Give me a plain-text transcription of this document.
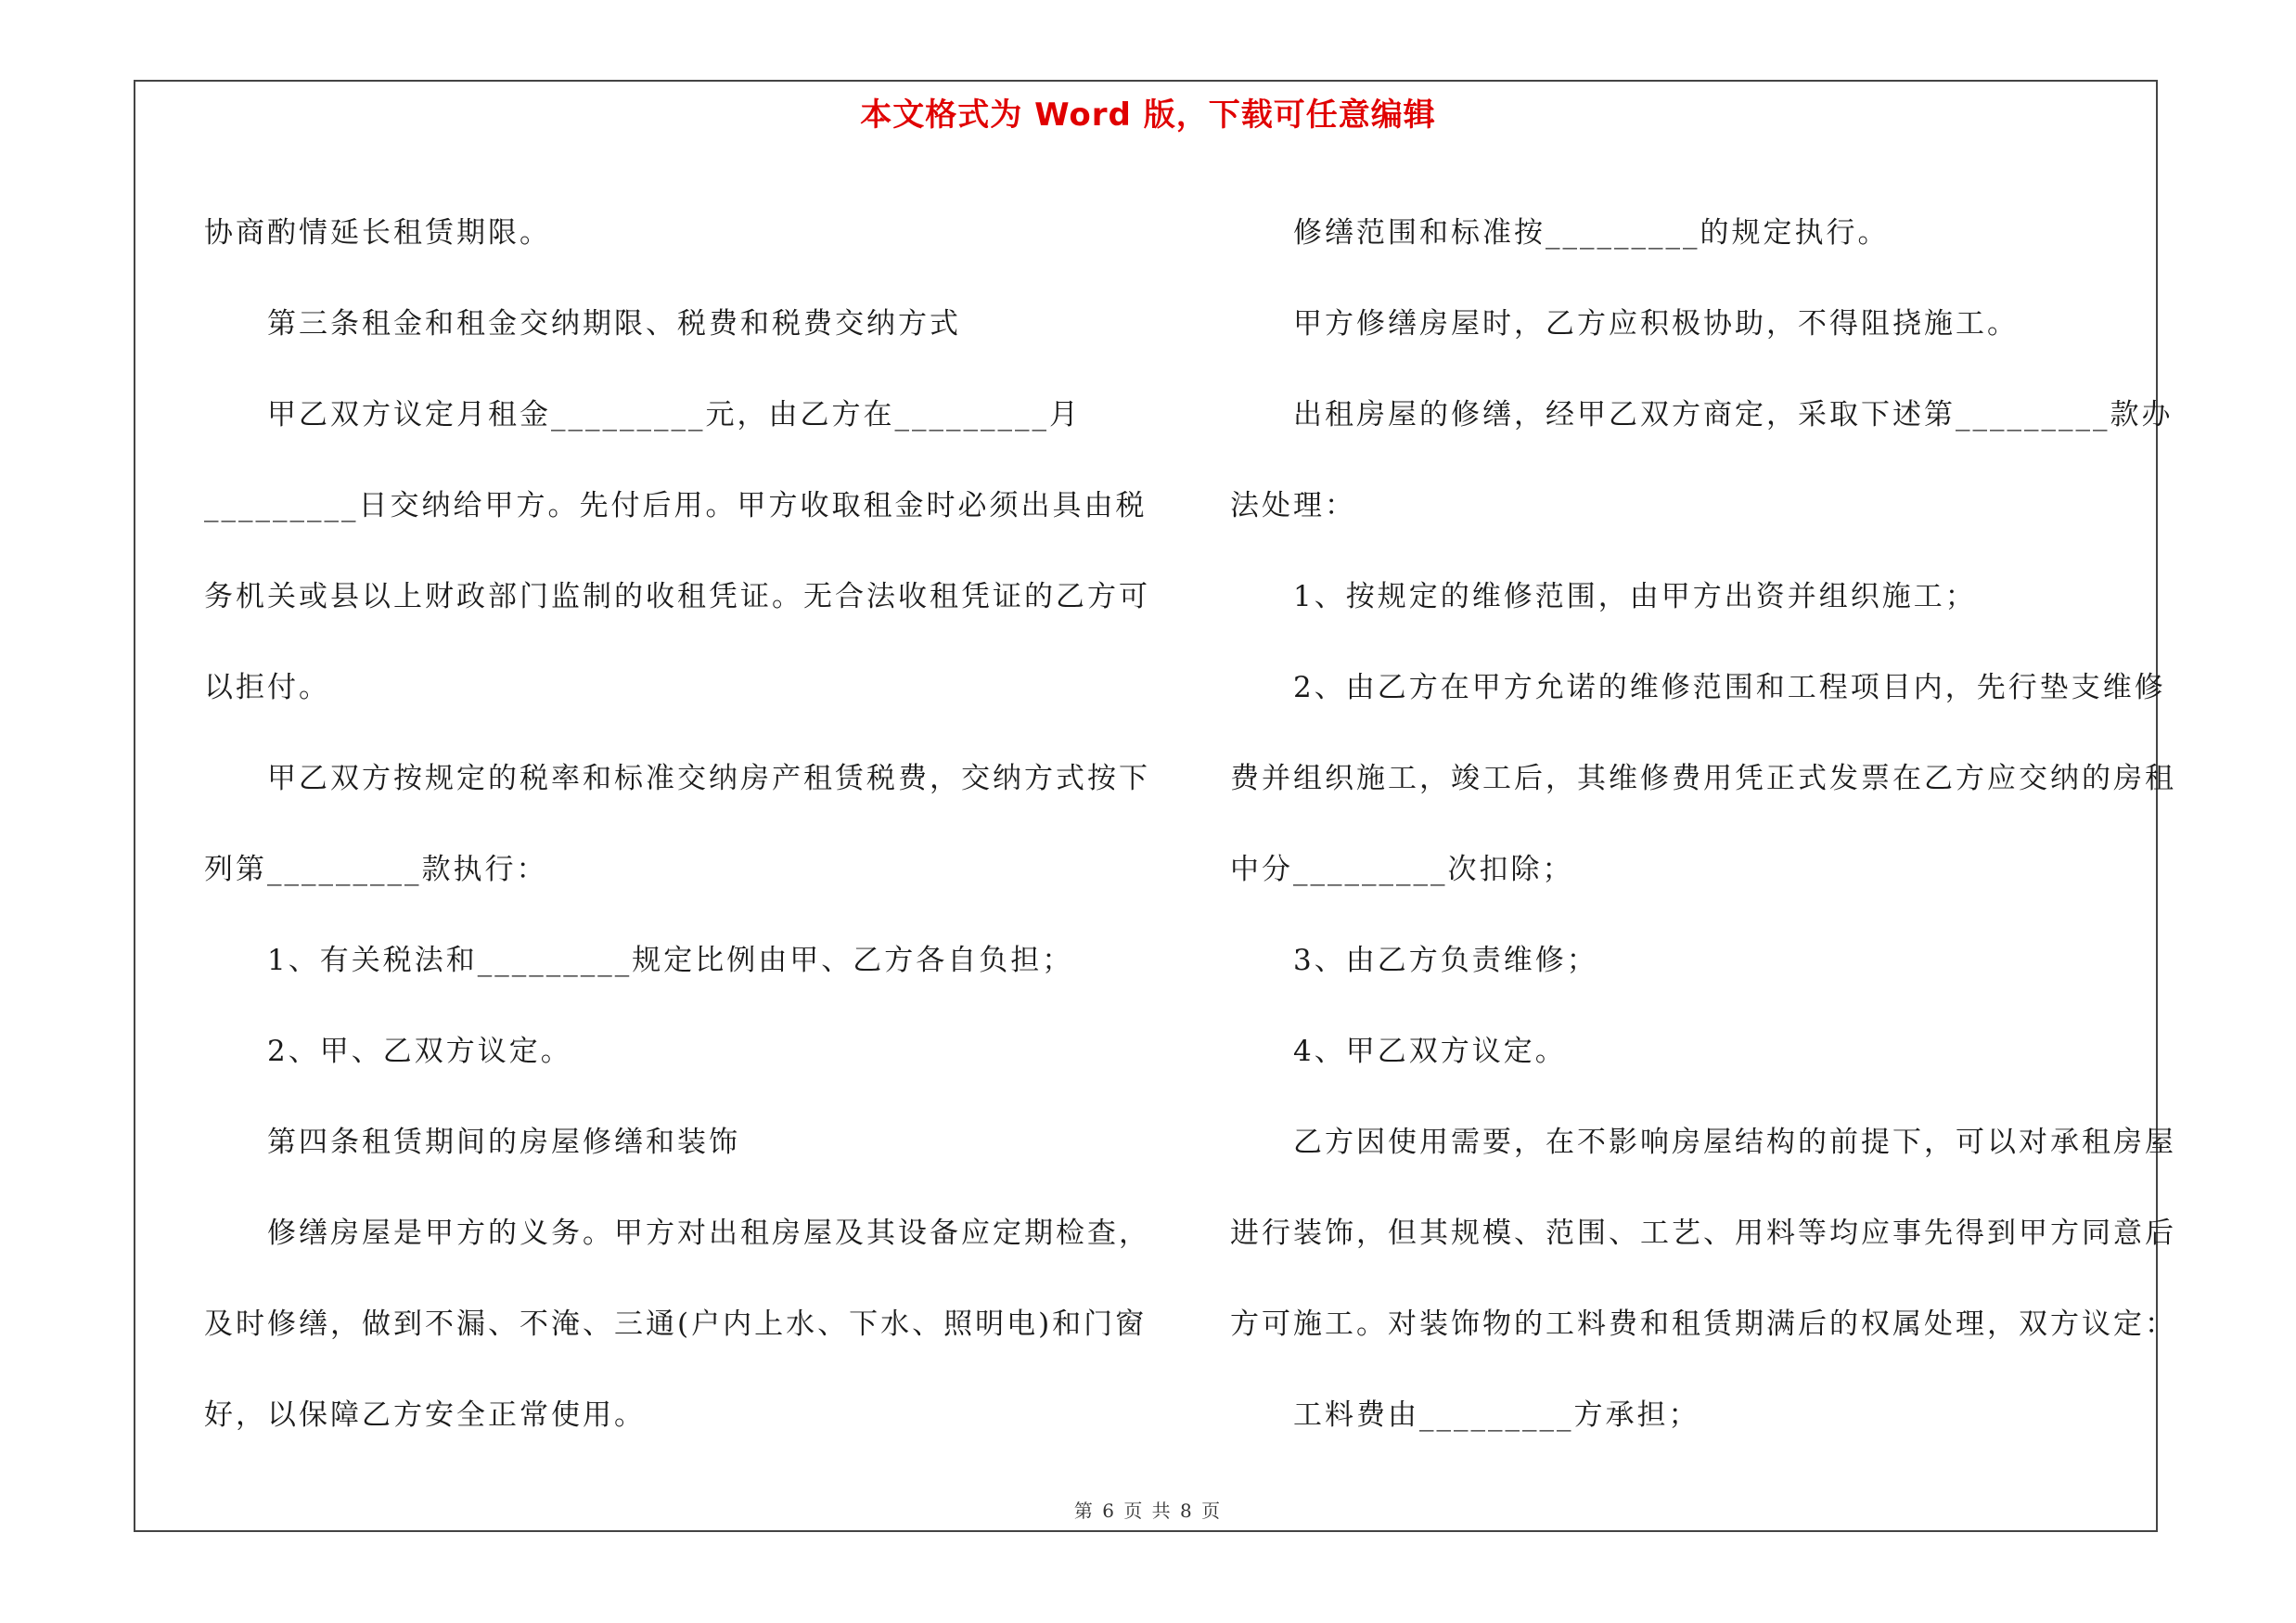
本文格式为 Word 版，下载可任意编辑

协商酌情延长租赁期限。

第三条租金和租金交纳期限、税费和税费交纳方式

甲乙双方议定月租金_________元，由乙方在_________月

_________日交纳给甲方。先付后用。甲方收取租金时必须出具由税

务机关或县以上财政部门监制的收租凭证。无合法收租凭证的乙方可

以拒付。

甲乙双方按规定的税率和标准交纳房产租赁税费，交纳方式按下

列第_________款执行：

1、有关税法和_________规定比例由甲、乙方各自负担；

2、甲、乙双方议定。

第四条租赁期间的房屋修缮和装饰

修缮房屋是甲方的义务。甲方对出租房屋及其设备应定期检查，

及时修缮，做到不漏、不淹、三通(户内上水、下水、照明电)和门窗

好，以保障乙方安全正常使用。

修缮范围和标准按_________的规定执行。

甲方修缮房屋时，乙方应积极协助，不得阻挠施工。

出租房屋的修缮，经甲乙双方商定，采取下述第_________款办

法处理：

1、按规定的维修范围，由甲方出资并组织施工；

2、由乙方在甲方允诺的维修范围和工程项目内，先行垫支维修

费并组织施工，竣工后，其维修费用凭正式发票在乙方应交纳的房租

中分_________次扣除；

3、由乙方负责维修；

4、甲乙双方议定。

乙方因使用需要，在不影响房屋结构的前提下，可以对承租房屋

进行装饰，但其规模、范围、工艺、用料等均应事先得到甲方同意后

方可施工。对装饰物的工料费和租赁期满后的权属处理，双方议定：

工料费由_________方承担；

第 6 页 共 8 页
